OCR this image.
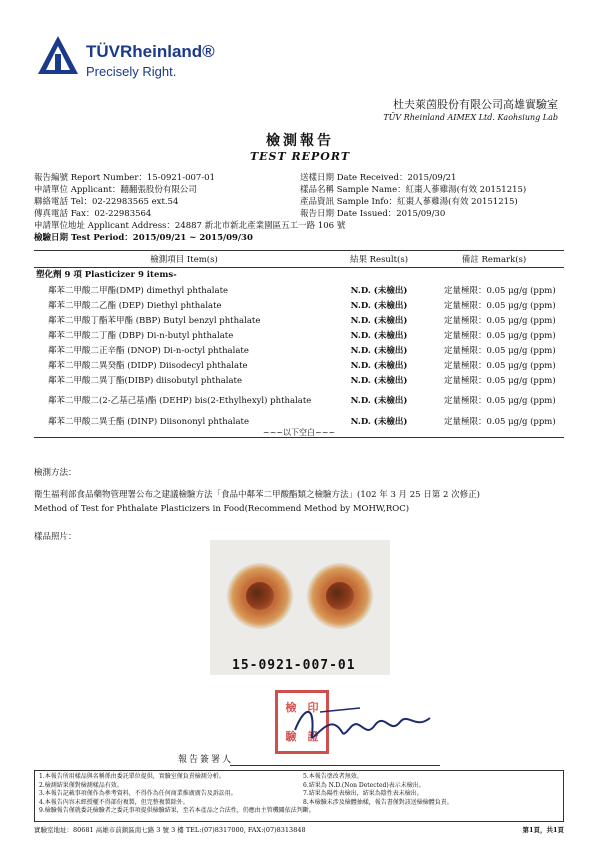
TÜVRheinland®
Precisely Right.
杜夫萊茵股份有限公司高雄實驗室
TÜV Rheinland AIMEX Ltd. Kaohsiung Lab
檢測報告
TEST REPORT
報告編號 Report Number：15-0921-007-01
申請單位 Applicant：翻翻張股份有限公司
聯絡電話 Tel：02-22983565 ext.54
傳真電話 Fax：02-22983564
送樣日期 Date Received：2015/09/21
樣品名稱 Sample Name：紅棗人蔘雞湯(有效 20151215)
產品資訊 Sample Info：紅棗人蔘雞湯(有效 20151215)
報告日期 Date Issued：2015/09/30
申請單位地址 Applicant Address：24887 新北市新北產業園區五工一路 106 號
檢驗日期 Test Period：2015/09/21 ~ 2015/09/30
檢測項目 Item(s)	結果 Result(s)	備註 Remark(s)
塑化劑 9 項 Plasticizer 9 items-
鄰苯二甲酸二甲酯(DMP) dimethyl phthalate	N.D. (未檢出)	定量極限：0.05 μg/g (ppm)
鄰苯二甲酸二乙酯 (DEP) Diethyl phthalate	N.D. (未檢出)	定量極限：0.05 μg/g (ppm)
鄰苯二甲酸丁酯苯甲酯 (BBP) Butyl benzyl phthalate	N.D. (未檢出)	定量極限：0.05 μg/g (ppm)
鄰苯二甲酸二丁酯 (DBP) Di-n-butyl phthalate	N.D. (未檢出)	定量極限：0.05 μg/g (ppm)
鄰苯二甲酸二正辛酯 (DNOP) Di-n-octyl phthalate	N.D. (未檢出)	定量極限：0.05 μg/g (ppm)
鄰苯二甲酸二異癸酯 (DIDP) Diisodecyl phthalate	N.D. (未檢出)	定量極限：0.05 μg/g (ppm)
鄰苯二甲酸二異丁酯(DIBP) diisobutyl phthalate	N.D. (未檢出)	定量極限：0.05 μg/g (ppm)
鄰苯二甲酸二(2-乙基己基)酯 (DEHP) bis(2-Ethylhexyl) phthalate	N.D. (未檢出)	定量極限：0.05 μg/g (ppm)
鄰苯二甲酸二異壬酯 (DINP) Diisononyl phthalate	N.D. (未檢出)	定量極限：0.05 μg/g (ppm)
~~~以下空白~~~
檢測方法：
衛生福利部食品藥物管理署公布之建議檢驗方法「食品中鄰苯二甲酸酯類之檢驗方法」(102 年 3 月 25 日第 2 次修正)
Method of Test for Phthalate Plasticizers in Food(Recommend Method by MOHW,ROC)
樣品照片：
15-0921-007-01
檢	印
驗	證
報告簽署人
1.本報告所用樣品與名稱係由委託單位提供，實驗室僅負責檢測分析。
2.檢測結果僅對檢測樣品有效。
3.本報告記載事項僅作為參考資料，不得作為任何商業推廣廣告及訴訟用。
4.本報告內容未經授權不得部份複製，但完整複製除外。
9.檢驗報告僅就委託檢驗者之委託事項提供檢驗結果，至若本產品之合法性，仍應由主管機關依法判斷。
5.本報告塗改者無效。
6.結果為 N.D.(Non Detected)表示未檢出。
7.結果為陽性表檢出，結果為陰性表未檢出。
8.本檢驗未涉及檢體抽樣，報告書僅對該送檢檢體負責。
實驗室地址：80681 高雄市前鎮區南七路 3 號 3 樓 TEL:(07)8317000, FAX:(07)8313848	第1頁，共1頁
